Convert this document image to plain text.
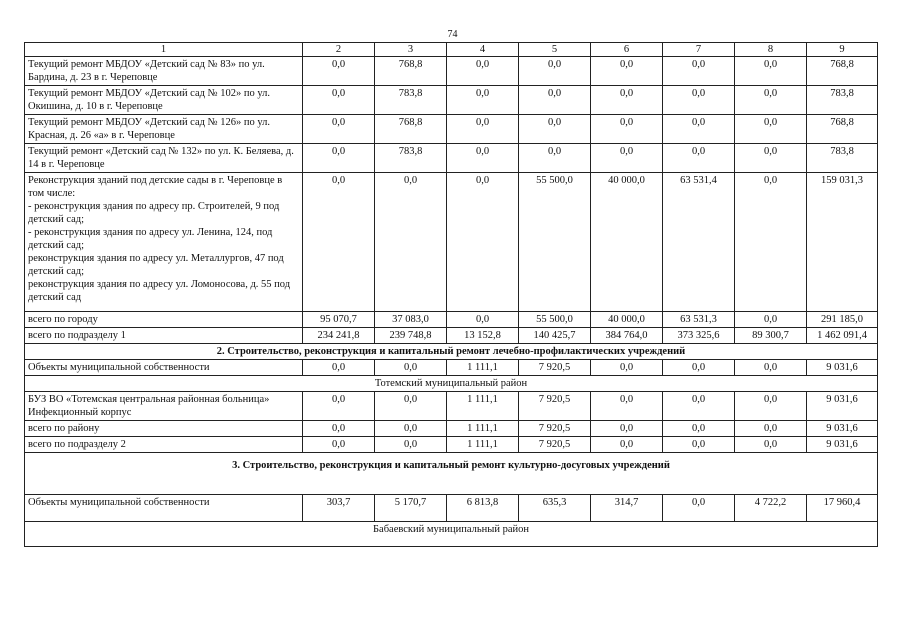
74
1	2	3	4	5	6	7	8	9
Текущий ремонт МБДОУ «Детский сад № 83» по ул. Бардина, д. 23 в г. Череповце	0,0	768,8	0,0	0,0	0,0	0,0	0,0	768,8
Текущий ремонт МБДОУ «Детский сад № 102» по ул. Окишина, д. 10 в г. Череповце	0,0	783,8	0,0	0,0	0,0	0,0	0,0	783,8
Текущий ремонт МБДОУ «Детский сад № 126» по ул. Красная, д. 26 «а» в г. Череповце	0,0	768,8	0,0	0,0	0,0	0,0	0,0	768,8
Текущий ремонт «Детский сад № 132» по ул. К. Беляева, д. 14 в г. Череповце	0,0	783,8	0,0	0,0	0,0	0,0	0,0	783,8

Реконструкция зданий под детские сады в г. Череповце в том числе:
- реконструкция здания по адресу пр. Строителей, 9 под детский сад;
- реконструкция здания по адресу ул. Ленина, 124, под детский сад;
реконструкция здания по адресу ул. Металлургов, 47 под детский сад;
реконструкция здания по адресу ул. Ломоносова, д. 55 под детский сад	0,0	0,0	0,0	55 500,0	40 000,0	63 531,4	0,0	159 031,3
всего по городу	95 070,7	37 083,0	0,0	55 500,0	40 000,0	63 531,3	0,0	291 185,0
всего по подразделу 1	234 241,8	239 748,8	13 152,8	140 425,7	384 764,0	373 325,6	89 300,7	1 462 091,4
2. Строительство, реконструкция и капитальный ремонт лечебно-профилактических учреждений								
Объекты муниципальной собственности	0,0	0,0	1 111,1	7 920,5	0,0	0,0	0,0	9 031,6
Тотемский муниципальный район								
БУЗ ВО «Тотемская центральная районная больница» Инфекционный корпус	0,0	0,0	1 111,1	7 920,5	0,0	0,0	0,0	9 031,6
всего по району	0,0	0,0	1 111,1	7 920,5	0,0	0,0	0,0	9 031,6
всего по подразделу 2	0,0	0,0	1 111,1	7 920,5	0,0	0,0	0,0	9 031,6
3. Строительство, реконструкция и капитальный ремонт культурно-досуговых учреждений								
Объекты муниципальной собственности	303,7	5 170,7	6 813,8	635,3	314,7	0,0	4 722,2	17 960,4
Бабаевский муниципальный район								
